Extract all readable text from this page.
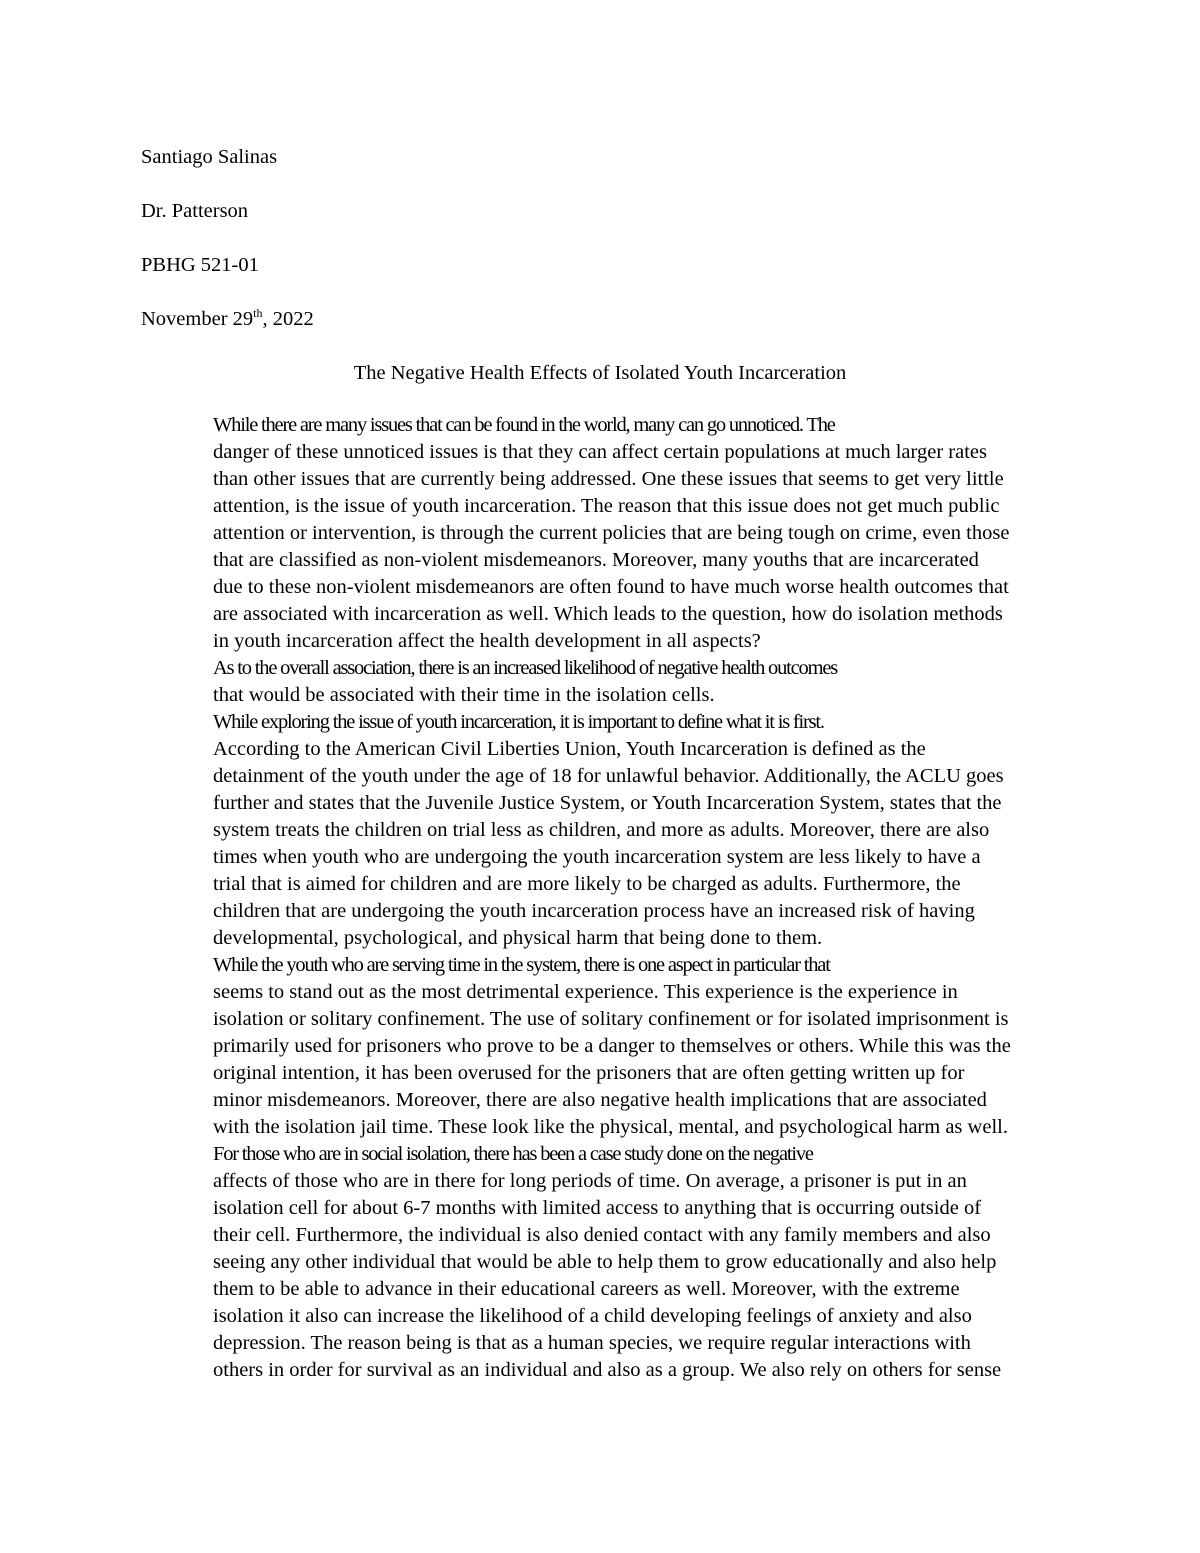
Santiago Salinas
Dr. Patterson
PBHG 521-01
November 29th, 2022
The Negative Health Effects of Isolated Youth Incarceration

While there are many issues that can be found in the world, many can go unnoticed. The
danger of these unnoticed issues is that they can affect certain populations at much larger rates
than other issues that are currently being addressed. One these issues that seems to get very little
attention, is the issue of youth incarceration. The reason that this issue does not get much public
attention or intervention, is through the current policies that are being tough on crime, even those
that are classified as non-violent misdemeanors. Moreover, many youths that are incarcerated
due to these non-violent misdemeanors are often found to have much worse health outcomes that
are associated with incarceration as well. Which leads to the question, how do isolation methods
in youth incarceration affect the health development in all aspects?

As to the overall association, there is an increased likelihood of negative health outcomes
that would be associated with their time in the isolation cells.

While exploring the issue of youth incarceration, it is important to define what it is first.
According to the American Civil Liberties Union, Youth Incarceration is defined as the
detainment of the youth under the age of 18 for unlawful behavior. Additionally, the ACLU goes
further and states that the Juvenile Justice System, or Youth Incarceration System, states that the
system treats the children on trial less as children, and more as adults. Moreover, there are also
times when youth who are undergoing the youth incarceration system are less likely to have a
trial that is aimed for children and are more likely to be charged as adults. Furthermore, the
children that are undergoing the youth incarceration process have an increased risk of having
developmental, psychological, and physical harm that being done to them.

While the youth who are serving time in the system, there is one aspect in particular that
seems to stand out as the most detrimental experience. This experience is the experience in
isolation or solitary confinement. The use of solitary confinement or for isolated imprisonment is
primarily used for prisoners who prove to be a danger to themselves or others. While this was the
original intention, it has been overused for the prisoners that are often getting written up for
minor misdemeanors. Moreover, there are also negative health implications that are associated
with the isolation jail time. These look like the physical, mental, and psychological harm as well.

For those who are in social isolation, there has been a case study done on the negative
affects of those who are in there for long periods of time. On average, a prisoner is put in an
isolation cell for about 6-7 months with limited access to anything that is occurring outside of
their cell. Furthermore, the individual is also denied contact with any family members and also
seeing any other individual that would be able to help them to grow educationally and also help
them to be able to advance in their educational careers as well. Moreover, with the extreme
isolation it also can increase the likelihood of a child developing feelings of anxiety and also
depression. The reason being is that as a human species, we require regular interactions with
others in order for survival as an individual and also as a group. We also rely on others for sense
